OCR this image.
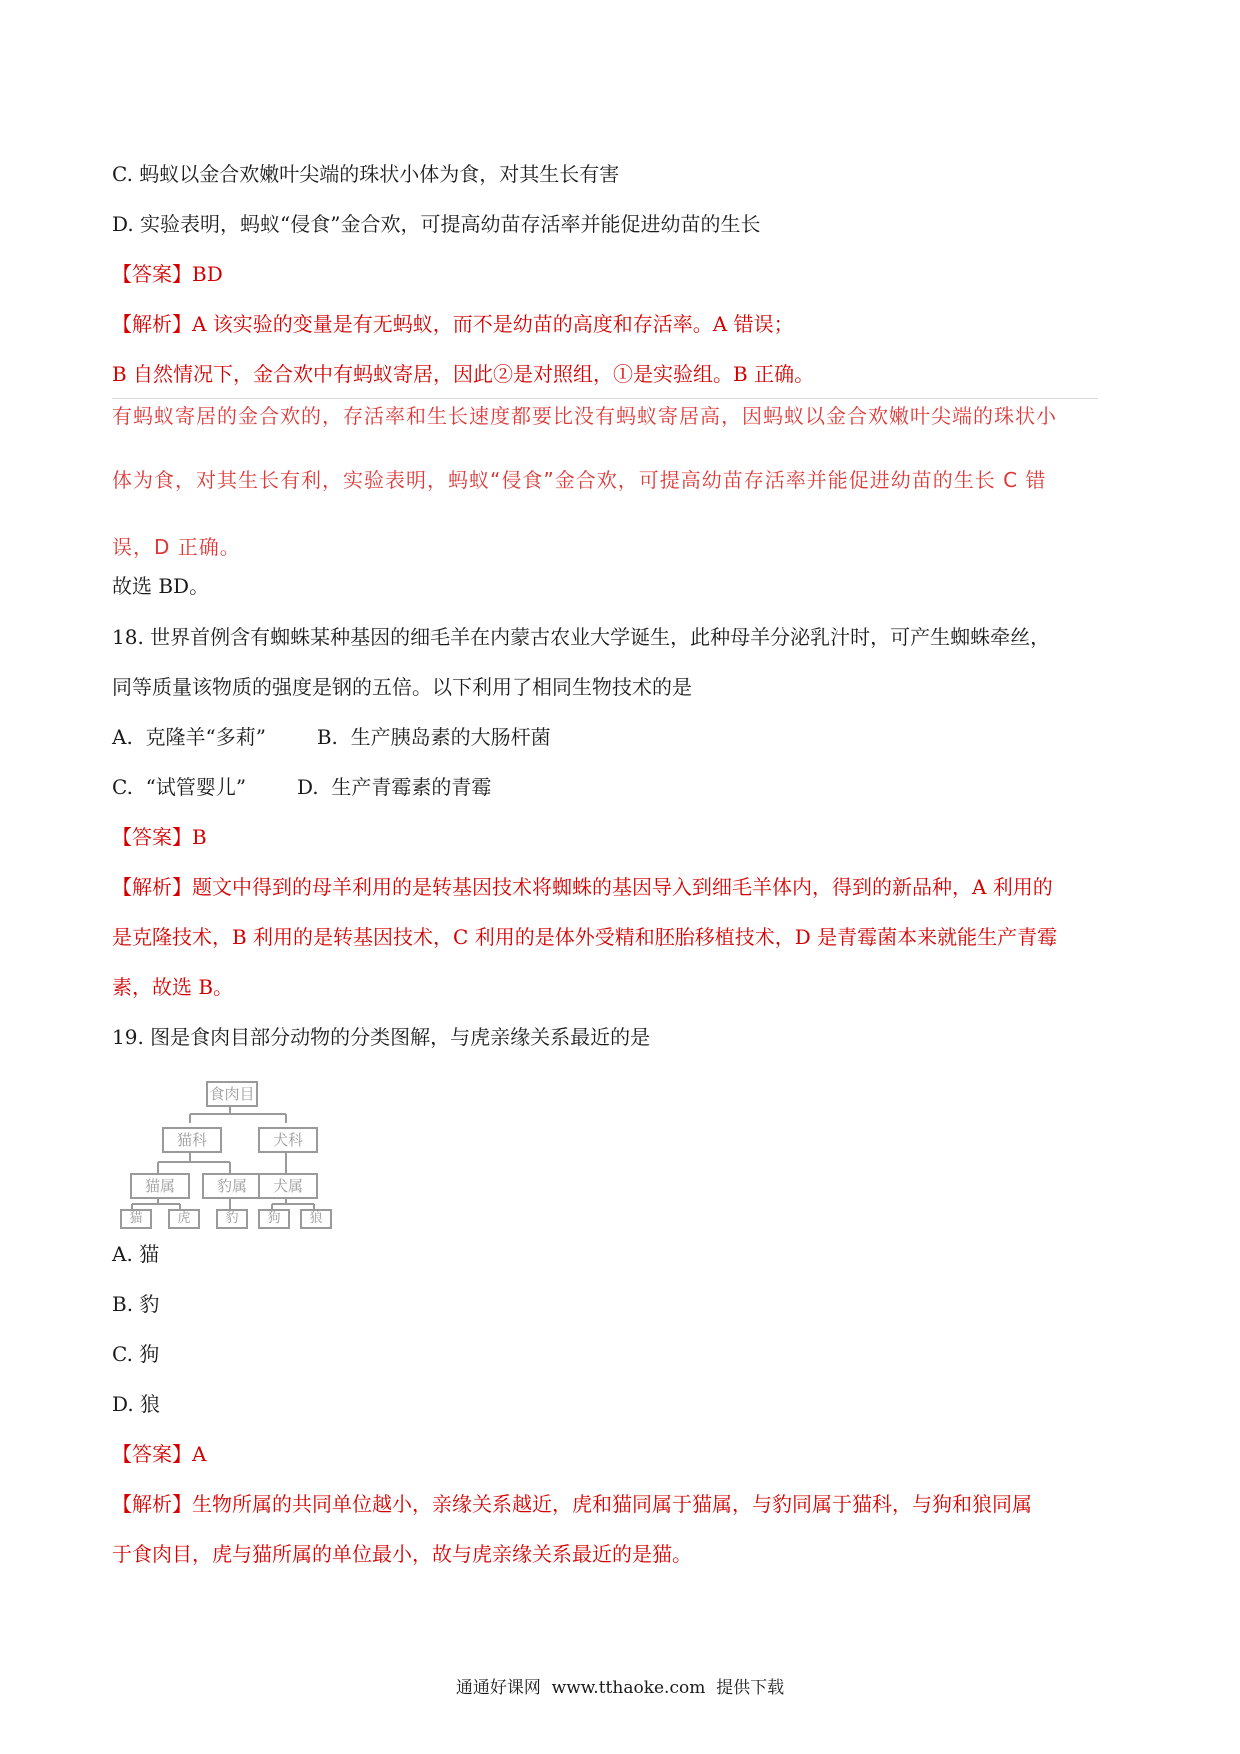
C. 蚂蚁以金合欢嫩叶尖端的珠状小体为食，对其生长有害
D. 实验表明，蚂蚁“侵食”金合欢，可提高幼苗存活率并能促进幼苗的生长
【答案】BD
【解析】A 该实验的变量是有无蚂蚁，而不是幼苗的高度和存活率。A 错误；
B 自然情况下，金合欢中有蚂蚁寄居，因此②是对照组，①是实验组。B 正确。
有蚂蚁寄居的金合欢的，存活率和生长速度都要比没有蚂蚁寄居高，因蚂蚁以金合欢嫩叶尖端的珠状小
体为食，对其生长有利，实验表明，蚂蚁“侵食”金合欢，可提高幼苗存活率并能促进幼苗的生长 C 错
误，D 正确。
故选 BD。
18. 世界首例含有蜘蛛某种基因的细毛羊在内蒙古农业大学诞生，此种母羊分泌乳汁时，可产生蜘蛛牵丝，
同等质量该物质的强度是钢的五倍。以下利用了相同生物技术的是
A.  克隆羊“多莉”        B.  生产胰岛素的大肠杆菌
C.  “试管婴儿”        D.  生产青霉素的青霉
【答案】B
【解析】题文中得到的母羊利用的是转基因技术将蜘蛛的基因导入到细毛羊体内，得到的新品种，A 利用的
是克隆技术，B 利用的是转基因技术，C 利用的是体外受精和胚胎移植技术，D 是青霉菌本来就能生产青霉
素，故选 B。
19. 图是食肉目部分动物的分类图解，与虎亲缘关系最近的是
食肉目
猫科	犬科
猫属	豹属	犬属
猫	虎	豹	狗	狼
A. 猫
B. 豹
C. 狗
D. 狼
【答案】A
【解析】生物所属的共同单位越小，亲缘关系越近，虎和猫同属于猫属，与豹同属于猫科，与狗和狼同属
于食肉目，虎与猫所属的单位最小，故与虎亲缘关系最近的是猫。
通通好课网  www.tthaoke.com  提供下载
